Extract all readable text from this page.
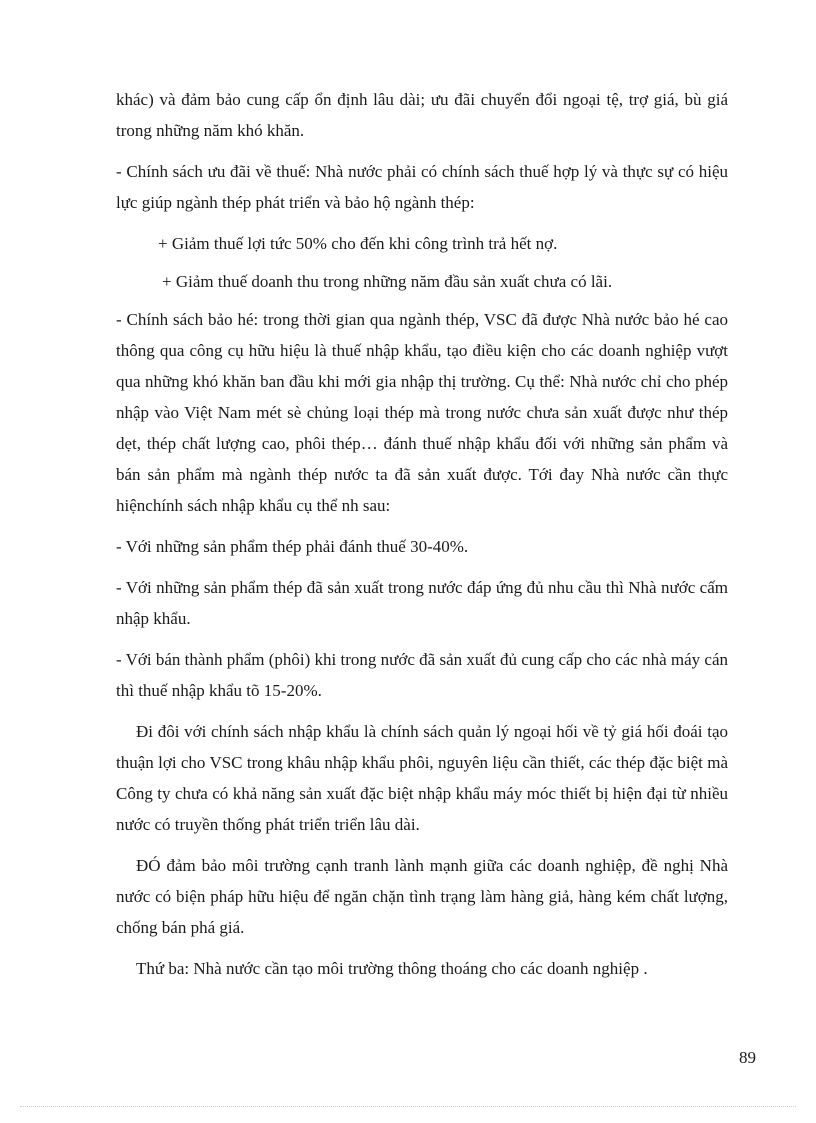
khác) và đảm bảo cung cấp ổn định lâu dài; ưu đãi chuyển đổi ngoại tệ, trợ giá, bù giá trong những năm khó khăn.

- Chính sách ưu đãi về thuế: Nhà nước phải có chính sách thuế hợp lý và thực sự có hiệu lực giúp ngành thép phát triển và bảo hộ ngành thép:

+ Giảm thuế lợi tức 50% cho đến khi công trình trả hết nợ.

+ Giảm thuế doanh thu trong những năm đầu sản xuất chưa có lãi.

- Chính sách bảo hé: trong thời gian qua ngành thép, VSC đã được Nhà nước bảo hé cao thông qua công cụ hữu hiệu là thuế nhập khẩu, tạo điều kiện cho các doanh nghiệp vượt qua những khó khăn ban đầu khi mới gia nhập thị trường. Cụ thể: Nhà nước chỉ cho phép nhập vào Việt Nam mét sè chủng loại thép mà trong nước chưa sản xuất được như thép dẹt, thép chất lượng cao, phôi thép… đánh thuế nhập khẩu đối với những sản phẩm và bán sản phẩm mà ngành thép nước ta đã sản xuất được. Tới đay Nhà nước cần thực hiệnchính sách nhập khẩu cụ thể nh sau:

- Với những sản phẩm thép phải đánh thuế 30-40%.

- Với những sản phẩm thép đã sản xuất trong nước đáp ứng đủ nhu cầu thì Nhà nước cấm nhập khẩu.

- Với bán thành phẩm (phôi) khi trong nước đã sản xuất đủ cung cấp cho các nhà máy cán thì thuế nhập khẩu tõ 15-20%.

Đi đôi với chính sách nhập khẩu là chính sách quản lý ngoại hối về tỷ giá hối đoái tạo thuận lợi cho VSC trong khâu nhập khẩu phôi, nguyên liệu cần thiết, các thép đặc biệt mà Công ty chưa có khả năng sản xuất đặc biệt nhập khẩu máy móc thiết bị hiện đại từ nhiều nước có truyền thống phát triển triển lâu dài.

ĐÓ đảm bảo môi trường cạnh tranh lành mạnh giữa các doanh nghiệp, đề nghị Nhà nước có biện pháp hữu hiệu để ngăn chặn tình trạng làm hàng giả, hàng kém chất lượng, chống bán phá giá.

Thứ ba: Nhà nước cần tạo môi trường thông thoáng cho các doanh nghiệp .

89
